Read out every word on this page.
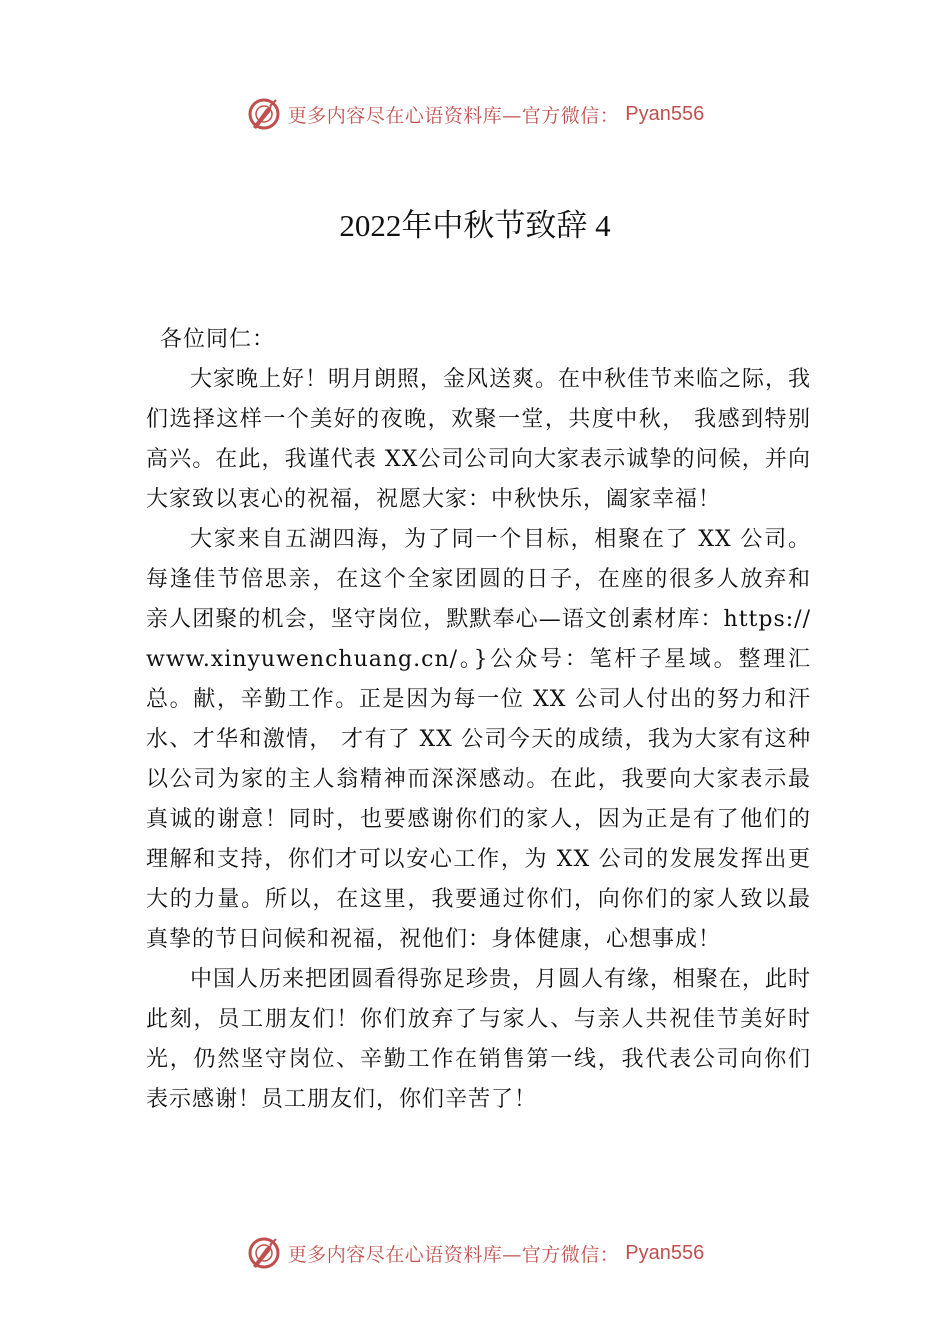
更多内容尽在心语资料库—官方微信： Pyan556
2022年中秋节致辞 4

各位同仁：

大家晚上好！明月朗照，金风送爽。在中秋佳节来临之际，我们选择这样一个美好的夜晚，欢聚一堂，共度中秋， 我感到特别高兴。在此，我谨代表 XX公司公司向大家表示诚挚的问候，并向大家致以衷心的祝福，祝愿大家：中秋快乐，阖家幸福！

大家来自五湖四海，为了同一个目标，相聚在了 XX 公司。每逢佳节倍思亲，在这个全家团圆的日子，在座的很多人放弃和亲人团聚的机会，坚守岗位，默默奉心—语文创素材库：https://www.xinyuwenchuang.cn/。}公众号：笔杆子星域。整理汇总。献，辛勤工作。正是因为每一位 XX 公司人付出的努力和汗水、才华和激情， 才有了 XX 公司今天的成绩，我为大家有这种以公司为家的主人翁精神而深深感动。在此，我要向大家表示最真诚的谢意！同时，也要感谢你们的家人，因为正是有了他们的理解和支持，你们才可以安心工作，为 XX 公司的发展发挥出更大的力量。所以，在这里，我要通过你们，向你们的家人致以最真挚的节日问候和祝福，祝他们：身体健康，心想事成！

中国人历来把团圆看得弥足珍贵，月圆人有缘，相聚在，此时此刻，员工朋友们！你们放弃了与家人、与亲人共祝佳节美好时光，仍然坚守岗位、辛勤工作在销售第一线，我代表公司向你们表示感谢！员工朋友们，你们辛苦了！

更多内容尽在心语资料库—官方微信： Pyan556
